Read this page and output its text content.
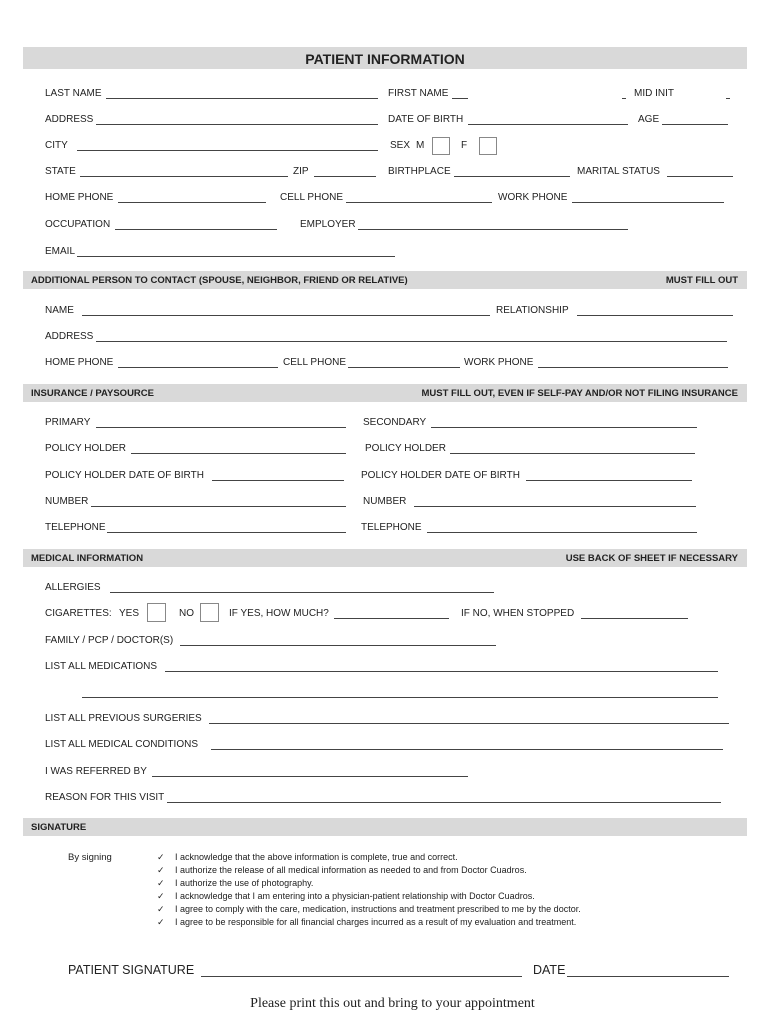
PATIENT INFORMATION
LAST NAME	FIRST NAME	MID INIT
ADDRESS	DATE OF BIRTH	AGE
CITY	SEX M	F
STATE	ZIP	BIRTHPLACE	MARITAL STATUS
HOME PHONE	CELL PHONE	WORK PHONE
OCCUPATION	EMPLOYER
EMAIL
ADDITIONAL PERSON TO CONTACT (SPOUSE, NEIGHBOR, FRIEND OR RELATIVE)	MUST FILL OUT
NAME	RELATIONSHIP
ADDRESS
HOME PHONE	CELL PHONE	WORK PHONE
INSURANCE / PAYSOURCE	MUST FILL OUT, EVEN IF SELF-PAY AND/OR NOT FILING INSURANCE
PRIMARY	SECONDARY
POLICY HOLDER	POLICY HOLDER
POLICY HOLDER DATE OF BIRTH	POLICY HOLDER DATE OF BIRTH
NUMBER	NUMBER
TELEPHONE	TELEPHONE
MEDICAL INFORMATION	USE BACK OF SHEET IF NECESSARY
ALLERGIES
CIGARETTES: YES	NO	IF YES, HOW MUCH?	IF NO, WHEN STOPPED
FAMILY / PCP / DOCTOR(S)
LIST ALL MEDICATIONS
LIST ALL PREVIOUS SURGERIES
LIST ALL MEDICAL CONDITIONS
I WAS REFERRED BY
REASON FOR THIS VISIT
SIGNATURE
By signing	✓ I acknowledge that the above information is complete, true and correct.
✓ I authorize the release of all medical information as needed to and from Doctor Cuadros.
✓ I authorize the use of photography.
✓ I acknowledge that I am entering into a physician-patient relationship with Doctor Cuadros.
✓ I agree to comply with the care, medication, instructions and treatment prescribed to me by the doctor.
✓ I agree to be responsible for all financial charges incurred as a result of my evaluation and treatment.
PATIENT SIGNATURE	DATE
Please print this out and bring to your appointment
